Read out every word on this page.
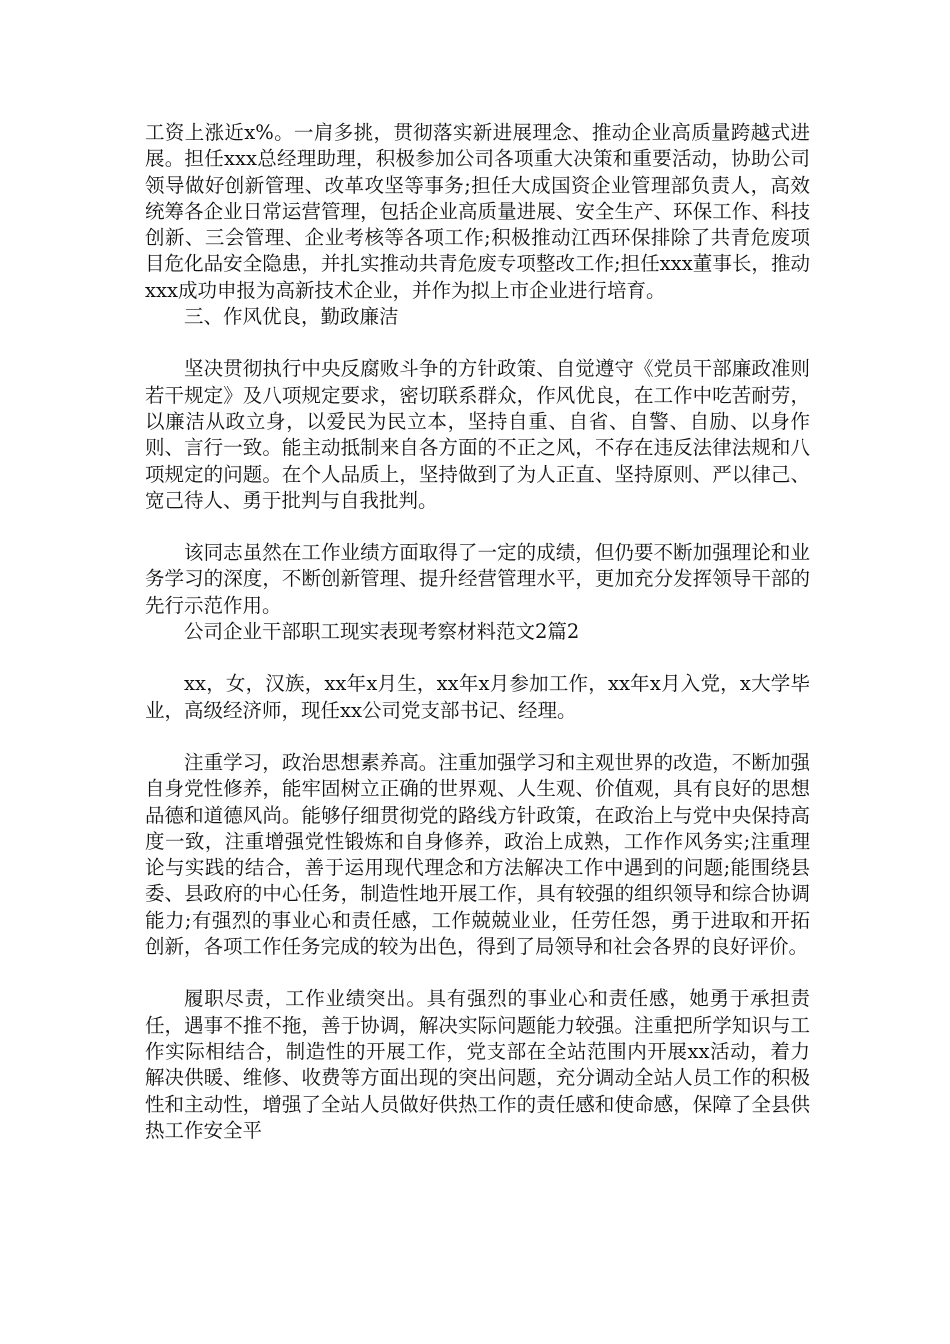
工资上涨近x%。一肩多挑，贯彻落实新进展理念、推动企业高质量跨越式进展。担任xxx总经理助理，积极参加公司各项重大决策和重要活动，协助公司领导做好创新管理、改革攻坚等事务;担任大成国资企业管理部负责人，高效统筹各企业日常运营管理，包括企业高质量进展、安全生产、环保工作、科技创新、三会管理、企业考核等各项工作;积极推动江西环保排除了共青危废项目危化品安全隐患，并扎实推动共青危废专项整改工作;担任xxx董事长，推动xxx成功申报为高新技术企业，并作为拟上市企业进行培育。

三、作风优良，勤政廉洁

坚决贯彻执行中央反腐败斗争的方针政策、自觉遵守《党员干部廉政准则若干规定》及八项规定要求，密切联系群众，作风优良，在工作中吃苦耐劳，以廉洁从政立身，以爱民为民立本，坚持自重、自省、自警、自励、以身作则、言行一致。能主动抵制来自各方面的不正之风，不存在违反法律法规和八项规定的问题。在个人品质上，坚持做到了为人正直、坚持原则、严以律己、宽己待人、勇于批判与自我批判。

该同志虽然在工作业绩方面取得了一定的成绩，但仍要不断加强理论和业务学习的深度，不断创新管理、提升经营管理水平，更加充分发挥领导干部的先行示范作用。

公司企业干部职工现实表现考察材料范文2篇2

xx，女，汉族，xx年x月生，xx年x月参加工作，xx年x月入党，x大学毕业，高级经济师，现任xx公司党支部书记、经理。

注重学习，政治思想素养高。注重加强学习和主观世界的改造，不断加强自身党性修养，能牢固树立正确的世界观、人生观、价值观，具有良好的思想品德和道德风尚。能够仔细贯彻党的路线方针政策，在政治上与党中央保持高度一致，注重增强党性锻炼和自身修养，政治上成熟，工作作风务实;注重理论与实践的结合，善于运用现代理念和方法解决工作中遇到的问题;能围绕县委、县政府的中心任务，制造性地开展工作，具有较强的组织领导和综合协调能力;有强烈的事业心和责任感，工作兢兢业业，任劳任怨，勇于进取和开拓创新，各项工作任务完成的较为出色，得到了局领导和社会各界的良好评价。

履职尽责，工作业绩突出。具有强烈的事业心和责任感，她勇于承担责任，遇事不推不拖，善于协调，解决实际问题能力较强。注重把所学知识与工作实际相结合，制造性的开展工作，党支部在全站范围内开展xx活动，着力解决供暖、维修、收费等方面出现的突出问题，充分调动全站人员工作的积极性和主动性，增强了全站人员做好供热工作的责任感和使命感，保障了全县供热工作安全平
